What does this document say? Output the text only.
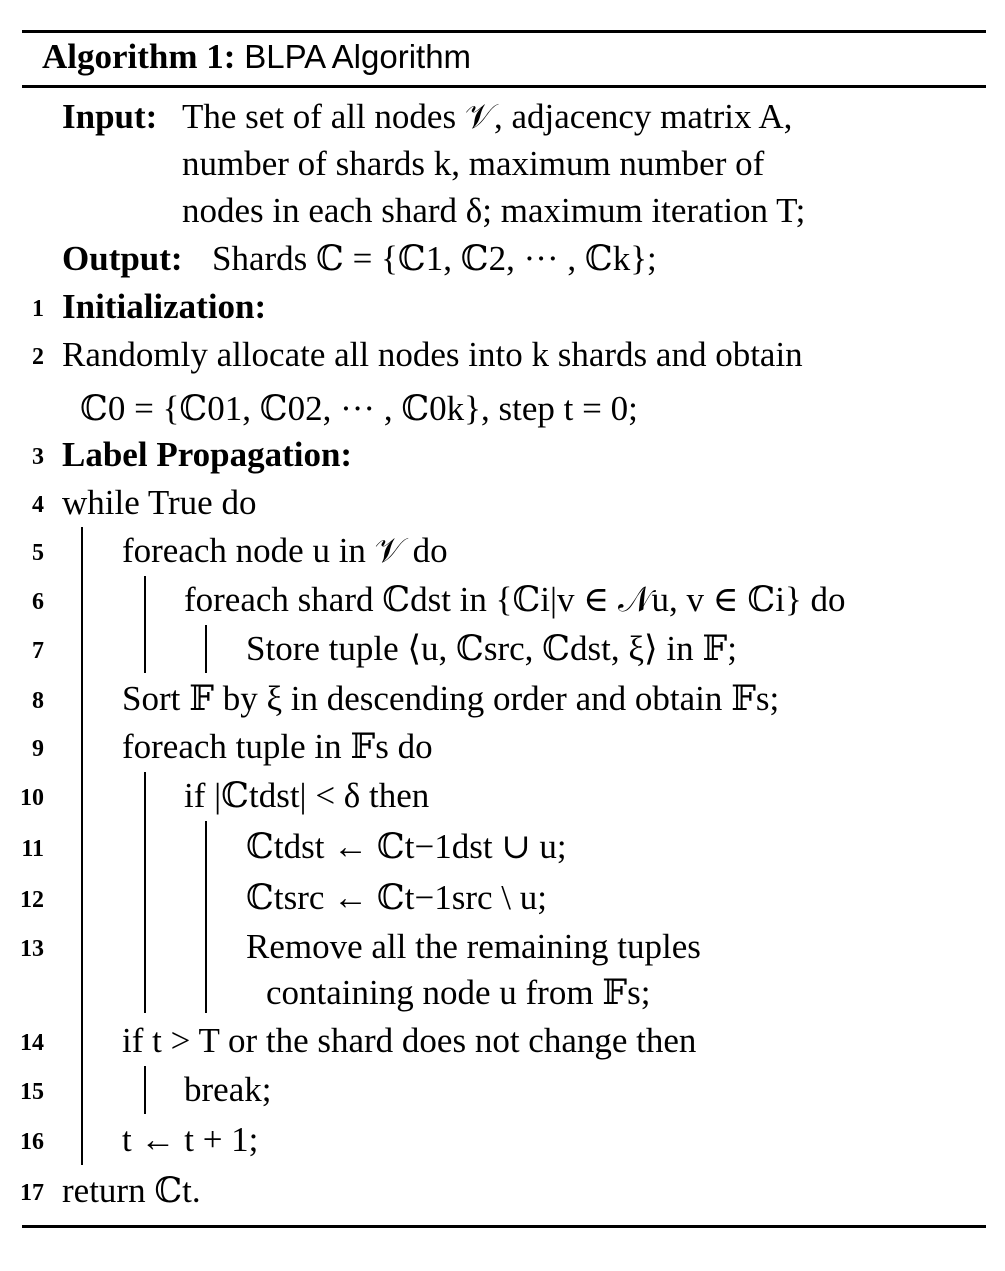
Algorithm 1: BLPA Algorithm
Input: The set of all nodes 𝒱, adjacency matrix A,
number of shards k, maximum number of
nodes in each shard δ; maximum iteration T;
Output: Shards ℂ = {ℂ1, ℂ2, ··· , ℂk};
1 Initialization:
2 Randomly allocate all nodes into k shards and obtain
ℂ0 = {ℂ01, ℂ02, ··· , ℂ0k}, step t = 0;
3 Label Propagation:
4 while True do
5 foreach node u in 𝒱 do
6	foreach shard ℂdst in {ℂi|v ∈ 𝒩u, v ∈ ℂi} do
7	Store tuple ⟨u, ℂsrc, ℂdst, ξ⟩ in 𝔽;
8 Sort 𝔽 by ξ in descending order and obtain 𝔽s;
9 foreach tuple in 𝔽s do
10	if |ℂtdst| < δ then
11	ℂtdst ← ℂt−1dst ∪ u;
12	ℂtsrc ← ℂt−1src \ u;
13	Remove all the remaining tuples
containing node u from 𝔽s;
14 if t > T or the shard does not change then
15	break;
16 t ← t + 1;
17 return ℂt.
